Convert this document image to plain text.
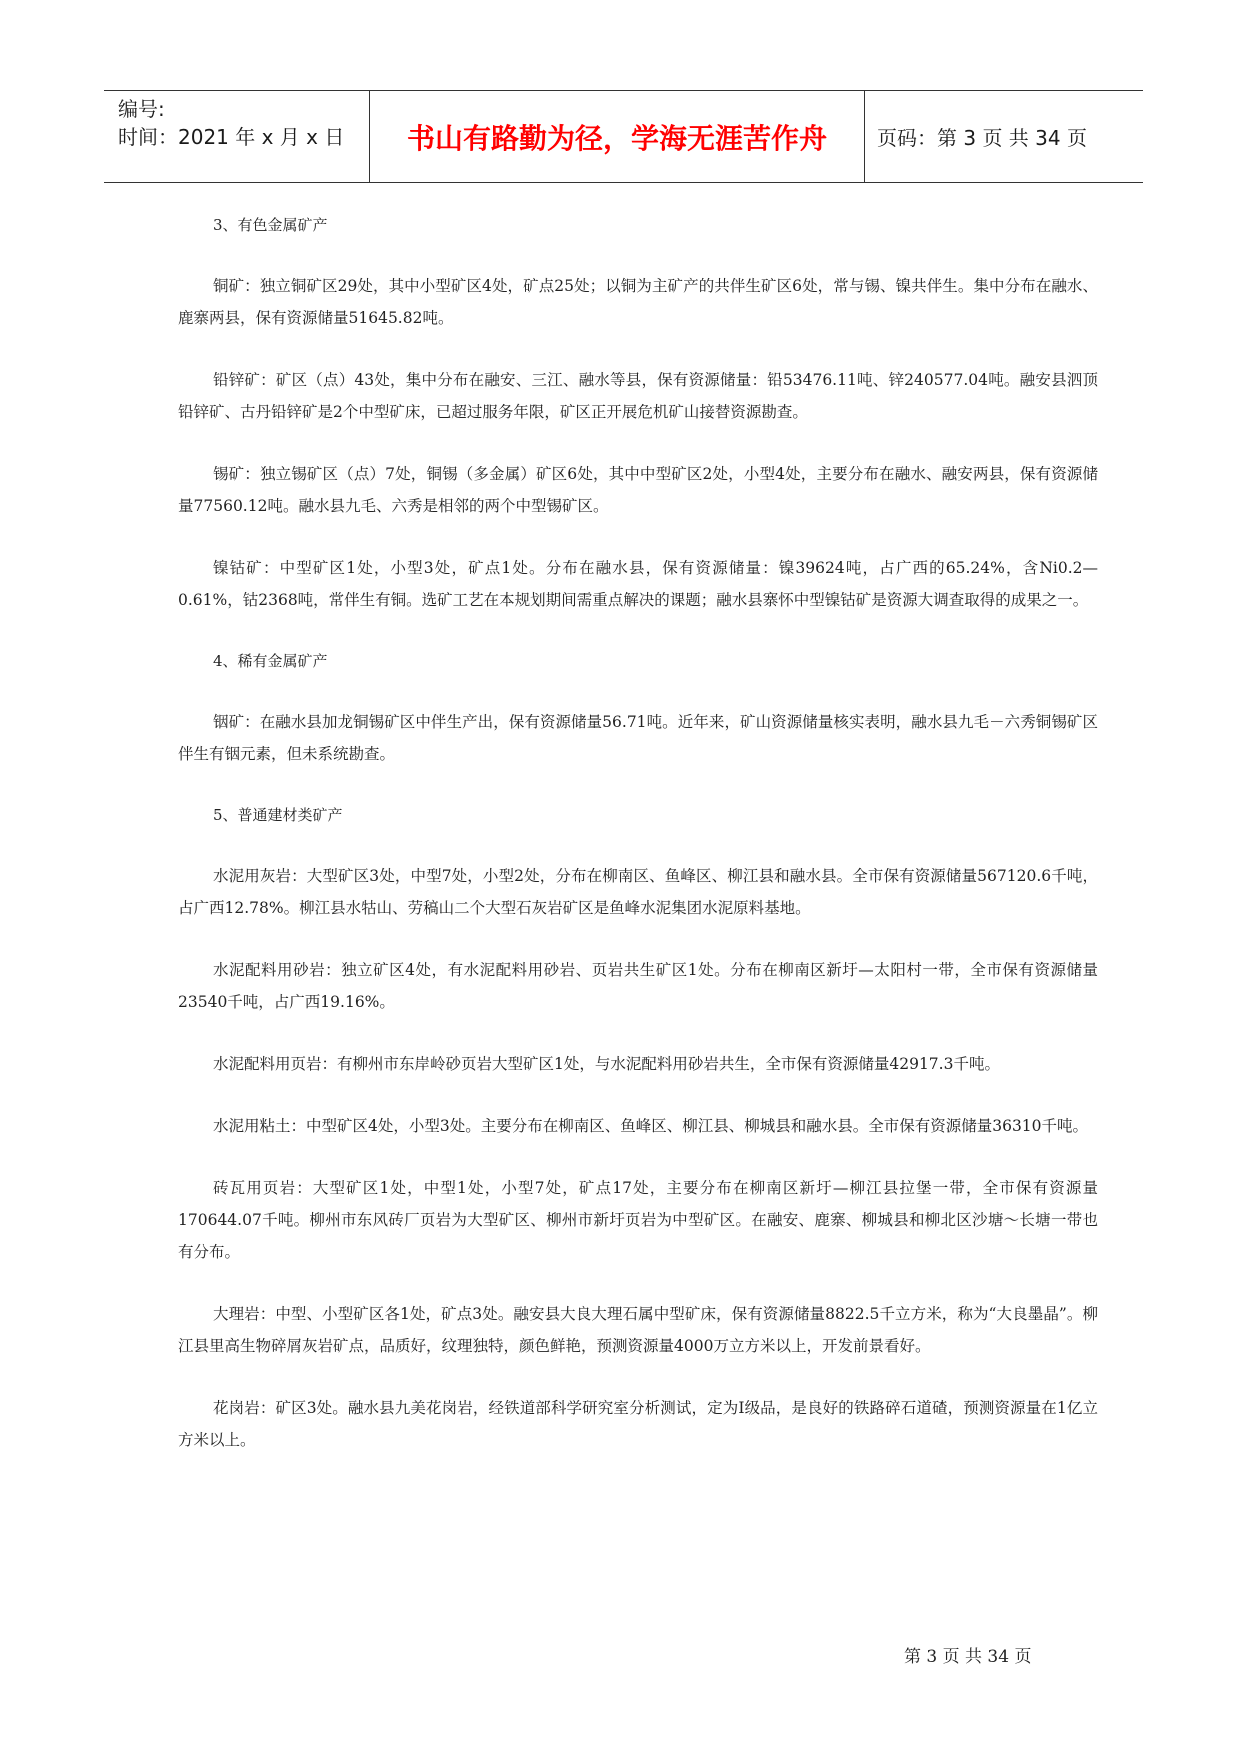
编号:
时间：2021 年 x 月 x 日	书山有路勤为径，学海无涯苦作舟	页码：第 3 页 共 34 页

3、有色金属矿产

铜矿：独立铜矿区29处，其中小型矿区4处，矿点25处；以铜为主矿产的共伴生矿区6处，常与锡、镍共伴生。集中分布在融水、鹿寨两县，保有资源储量51645.82吨。

铅锌矿：矿区（点）43处，集中分布在融安、三江、融水等县，保有资源储量：铅53476.11吨、锌240577.04吨。融安县泗顶铅锌矿、古丹铅锌矿是2个中型矿床，已超过服务年限，矿区正开展危机矿山接替资源勘查。

锡矿：独立锡矿区（点）7处，铜锡（多金属）矿区6处，其中中型矿区2处，小型4处，主要分布在融水、融安两县，保有资源储量77560.12吨。融水县九毛、六秀是相邻的两个中型锡矿区。

镍钴矿：中型矿区1处，小型3处，矿点1处。分布在融水县，保有资源储量：镍39624吨，占广西的65.24%，含Ni0.2—0.61%，钴2368吨，常伴生有铜。选矿工艺在本规划期间需重点解决的课题；融水县寨怀中型镍钴矿是资源大调查取得的成果之一。

4、稀有金属矿产

铟矿：在融水县加龙铜锡矿区中伴生产出，保有资源储量56.71吨。近年来，矿山资源储量核实表明，融水县九毛－六秀铜锡矿区伴生有铟元素，但未系统勘查。

5、普通建材类矿产

水泥用灰岩：大型矿区3处，中型7处，小型2处，分布在柳南区、鱼峰区、柳江县和融水县。全市保有资源储量567120.6千吨，占广西12.78%。柳江县水牯山、劳稿山二个大型石灰岩矿区是鱼峰水泥集团水泥原料基地。

水泥配料用砂岩：独立矿区4处，有水泥配料用砂岩、页岩共生矿区1处。分布在柳南区新圩—太阳村一带，全市保有资源储量23540千吨，占广西19.16%。

水泥配料用页岩：有柳州市东岸岭砂页岩大型矿区1处，与水泥配料用砂岩共生，全市保有资源储量42917.3千吨。

水泥用粘土：中型矿区4处，小型3处。主要分布在柳南区、鱼峰区、柳江县、柳城县和融水县。全市保有资源储量36310千吨。

砖瓦用页岩：大型矿区1处，中型1处，小型7处，矿点17处，主要分布在柳南区新圩—柳江县拉堡一带，全市保有资源量170644.07千吨。柳州市东风砖厂页岩为大型矿区、柳州市新圩页岩为中型矿区。在融安、鹿寨、柳城县和柳北区沙塘～长塘一带也有分布。

大理岩：中型、小型矿区各1处，矿点3处。融安县大良大理石属中型矿床，保有资源储量8822.5千立方米，称为“大良墨晶”。柳江县里高生物碎屑灰岩矿点，品质好，纹理独特，颜色鲜艳，预测资源量4000万立方米以上，开发前景看好。

花岗岩：矿区3处。融水县九美花岗岩，经铁道部科学研究室分析测试，定为Ⅰ级品，是良好的铁路碎石道碴，预测资源量在1亿立方米以上。

第 3 页 共 34 页
